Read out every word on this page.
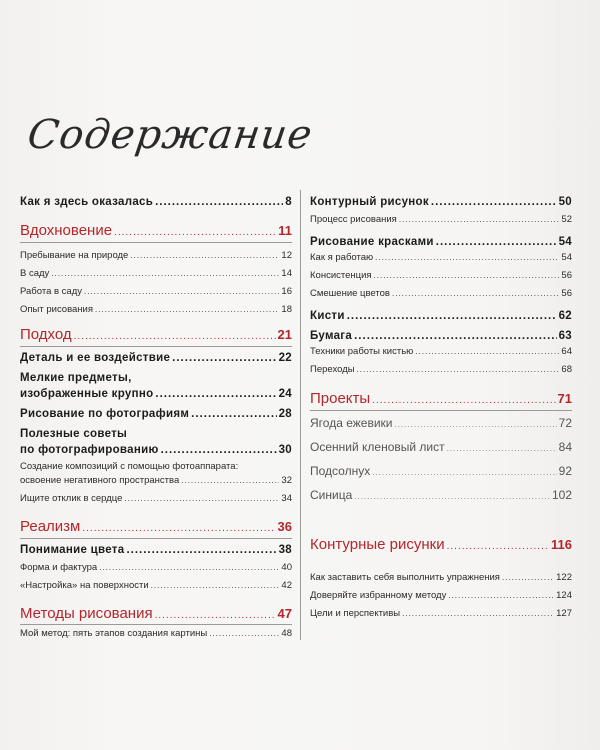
Содержание
Как я здесь оказалась .....	8
Вдохновение .....	11
Пребывание на природе .....	12
В саду .....	14
Работа в саду .....	16
Опыт рисования .....	18
Подход .....	21
Деталь и ее воздействие .....	22
Мелкие предметы,
изображенные крупно .....	24
Рисование по фотографиям .....	28
Полезные советы
по фотографированию .....	30
Создание композиций с помощью фотоаппарата:
освоение негативного пространства .....	32
Ищите отклик в сердце .....	34
Реализм .....	36
Понимание цвета .....	38
Форма и фактура .....	40
«Настройка» на поверхности .....	42
Методы рисования .....	47
Мой метод: пять этапов создания картины .....	48
Контурный рисунок .....	50
Процесс рисования .....	52
Рисование красками .....	54
Как я работаю .....	54
Консистенция .....	56
Смешение цветов .....	56
Кисти .....	62
Бумага .....	63
Техники работы кистью .....	64
Переходы .....	68
Проекты .....	71
Ягода ежевики .....	72
Осенний кленовый лист .....	84
Подсолнух .....	92
Синица .....	102
Контурные рисунки .....	116
Как заставить себя выполнить упражнения .....	122
Доверяйте избранному методу .....	124
Цели и перспективы .....	127
